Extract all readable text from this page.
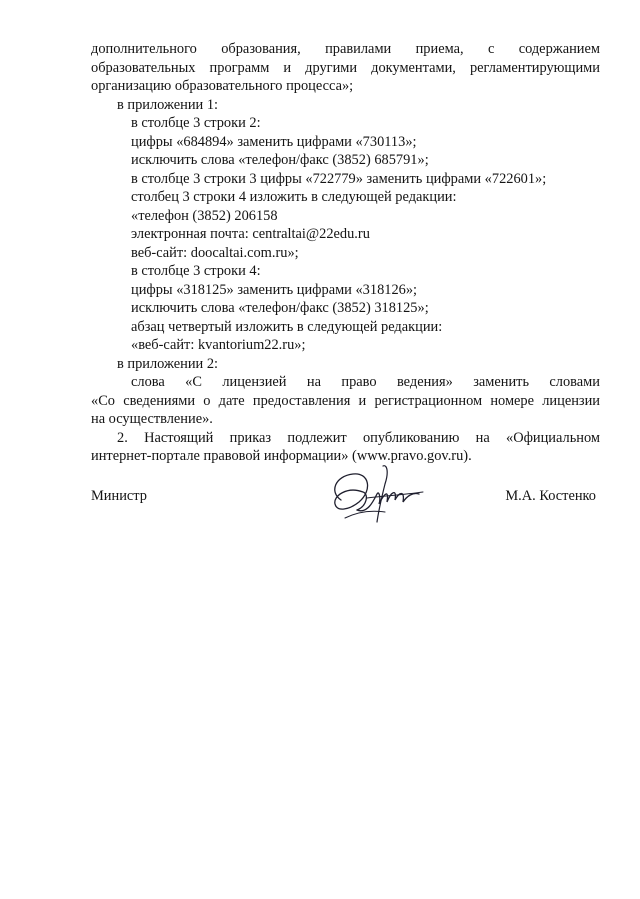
дополнительного образования, правилами приема, с содержанием
образовательных программ и другими документами, регламентирующими
организацию образовательного процесса»;
в приложении 1:
в столбце 3 строки 2:
цифры «684894» заменить цифрами «730113»;
исключить слова «телефон/факс (3852) 685791»;
в столбце 3 строки 3 цифры «722779» заменить цифрами «722601»;
столбец 3 строки 4 изложить в следующей редакции:
«телефон (3852) 206158
электронная почта: centraltai@22edu.ru
веб-сайт: doocaltai.com.ru»;
в столбце 3 строки 4:
цифры «318125» заменить цифрами «318126»;
исключить слова «телефон/факс (3852) 318125»;
абзац четвертый изложить в следующей редакции:
«веб-сайт: kvantorium22.ru»;
в приложении 2:
слова «С лицензией на право ведения» заменить словами
«Со сведениями о дате предоставления и регистрационном номере лицензии
на осуществление».
2. Настоящий приказ подлежит опубликованию на «Официальном
интернет-портале правовой информации» (www.pravo.gov.ru).
Министр	М.А. Костенко
